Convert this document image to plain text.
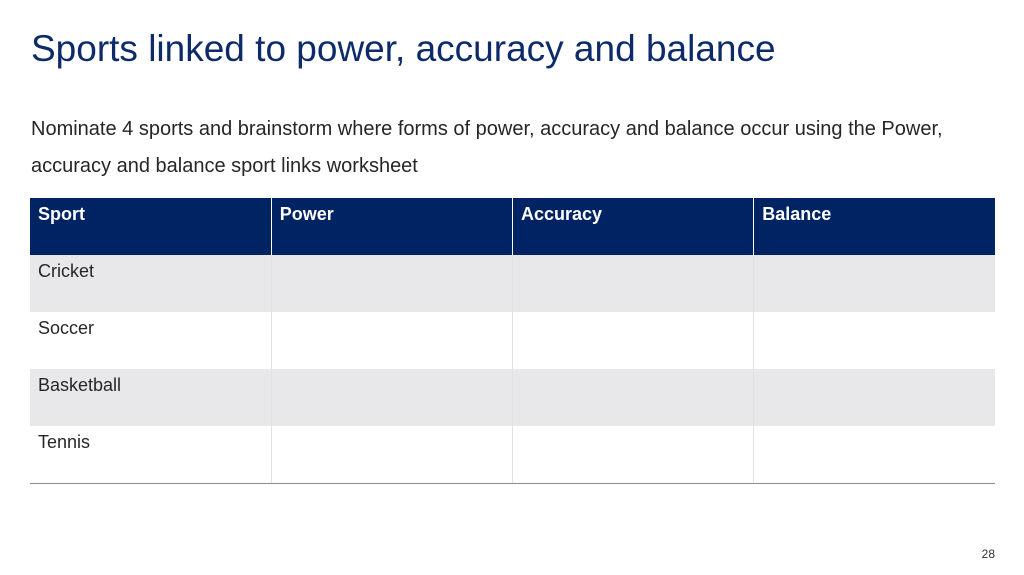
Sports linked to power, accuracy and balance
Nominate 4 sports and brainstorm where forms of power, accuracy and balance occur using the Power, accuracy and balance sport links worksheet
Sport	Power	Accuracy	Balance
Cricket			
Soccer			
Basketball			
Tennis			
28
